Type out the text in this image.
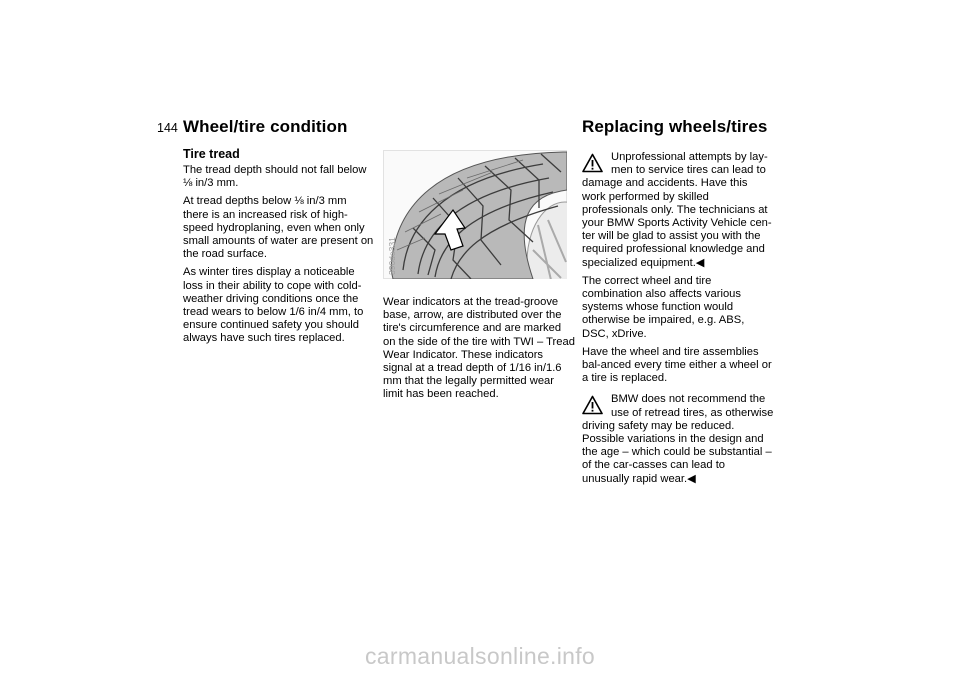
144 Wheel/tire condition	Replacing wheels/tires
Tire tread

The tread depth should not fall below ⅛ in/3 mm.

At tread depths below ⅛ in/3 mm there is an increased risk of high-speed hydroplaning, even when only small amounts of water are present on the road surface.

As winter tires display a noticeable loss in their ability to cope with cold-weather driving conditions once the tread wears to below 1/6 in/4 mm, to ensure continued safety you should always have such tires replaced.

390de331

Wear indicators at the tread-groove base, arrow, are distributed over the tire's circumference and are marked on the side of the tire with TWI – Tread Wear Indicator. These indicators signal at a tread depth of 1/16 in/1.6 mm that the legally permitted wear limit has been reached.

Unprofessional attempts by lay-men to service tires can lead to damage and accidents. Have this work performed by skilled professionals only. The technicians at your BMW Sports Activity Vehicle cen-ter will be glad to assist you with the required professional knowledge and specialized equipment.◀

The correct wheel and tire combination also affects various systems whose function would otherwise be impaired, e.g. ABS, DSC, xDrive.

Have the wheel and tire assemblies bal-anced every time either a wheel or a tire is replaced.

BMW does not recommend the use of retread tires, as otherwise driving safety may be reduced. Possible variations in the design and the age – which could be substantial – of the car-casses can lead to unusually rapid wear.◀

carmanualsonline.info
